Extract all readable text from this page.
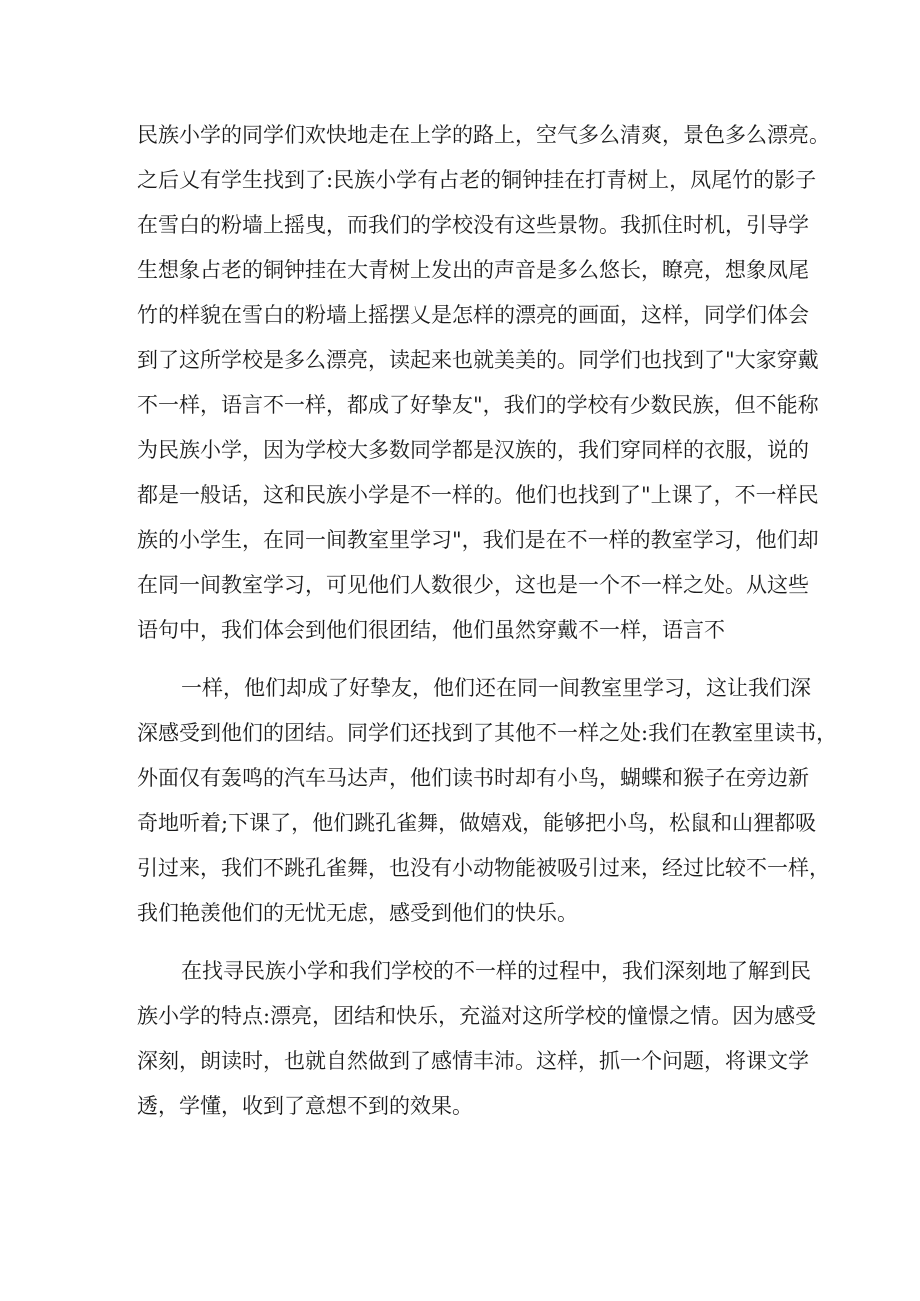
民族小学的同学们欢快地走在上学的路上，空气多么清爽，景色多么漂亮。
之后乂有学生找到了:民族小学有占老的铜钟挂在打青树上，凤尾竹的影子
在雪白的粉墙上摇曳，而我们的学校没有这些景物。我抓住时机，引导学
生想象占老的铜钟挂在大青树上发出的声音是多么悠长，瞭亮，想象凤尾
竹的样貌在雪白的粉墙上摇摆乂是怎样的漂亮的画面，这样，同学们体会
到了这所学校是多么漂亮，读起来也就美美的。同学们也找到了"大家穿戴
不一样，语言不一样，都成了好挚友"，我们的学校有少数民族，但不能称
为民族小学，因为学校大多数同学都是汉族的，我们穿同样的衣服，说的
都是一般话，这和民族小学是不一样的。他们也找到了"上课了，不一样民
族的小学生，在同一间教室里学习"，我们是在不一样的教室学习，他们却
在同一间教室学习，可见他们人数很少，这也是一个不一样之处。从这些
语句中，我们体会到他们很团结，他们虽然穿戴不一样，语言不
一样，他们却成了好挚友，他们还在同一间教室里学习，这让我们深
深感受到他们的团结。同学们还找到了其他不一样之处:我们在教室里读书，
外面仅有轰鸣的汽车马达声，他们读书时却有小鸟，蝴蝶和猴子在旁边新
奇地听着;下课了，他们跳孔雀舞，做嬉戏，能够把小鸟，松鼠和山狸都吸
引过来，我们不跳孔雀舞，也没有小动物能被吸引过来，经过比较不一样，
我们艳羡他们的无忧无虑，感受到他们的快乐。
在找寻民族小学和我们学校的不一样的过程中，我们深刻地了解到民
族小学的特点:漂亮，团结和快乐，充溢对这所学校的憧憬之情。因为感受
深刻，朗读时，也就自然做到了感情丰沛。这样，抓一个问题，将课文学
透，学懂，收到了意想不到的效果。
